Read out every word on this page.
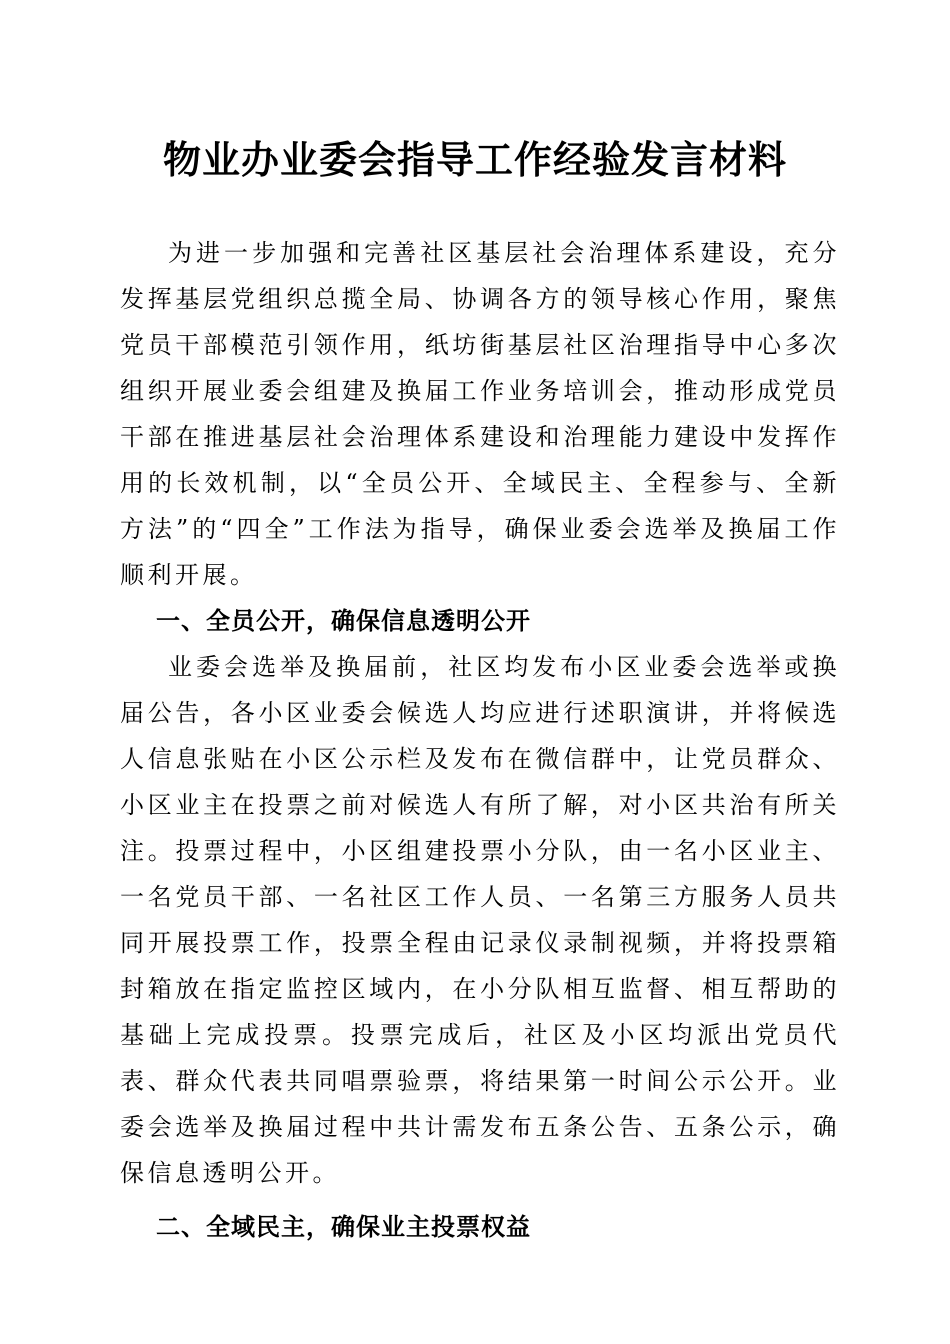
物业办业委会指导工作经验发言材料

为进一步加强和完善社区基层社会治理体系建设，充分发挥基层党组织总揽全局、协调各方的领导核心作用，聚焦党员干部模范引领作用，纸坊街基层社区治理指导中心多次组织开展业委会组建及换届工作业务培训会，推动形成党员干部在推进基层社会治理体系建设和治理能力建设中发挥作用的长效机制，以“全员公开、全域民主、全程参与、全新方法”的“四全”工作法为指导，确保业委会选举及换届工作顺利开展。

一、全员公开，确保信息透明公开

业委会选举及换届前，社区均发布小区业委会选举或换届公告，各小区业委会候选人均应进行述职演讲，并将候选人信息张贴在小区公示栏及发布在微信群中，让党员群众、小区业主在投票之前对候选人有所了解，对小区共治有所关注。投票过程中，小区组建投票小分队，由一名小区业主、一名党员干部、一名社区工作人员、一名第三方服务人员共同开展投票工作，投票全程由记录仪录制视频，并将投票箱封箱放在指定监控区域内，在小分队相互监督、相互帮助的基础上完成投票。投票完成后，社区及小区均派出党员代表、群众代表共同唱票验票，将结果第一时间公示公开。业委会选举及换届过程中共计需发布五条公告、五条公示，确保信息透明公开。

二、全域民主，确保业主投票权益
